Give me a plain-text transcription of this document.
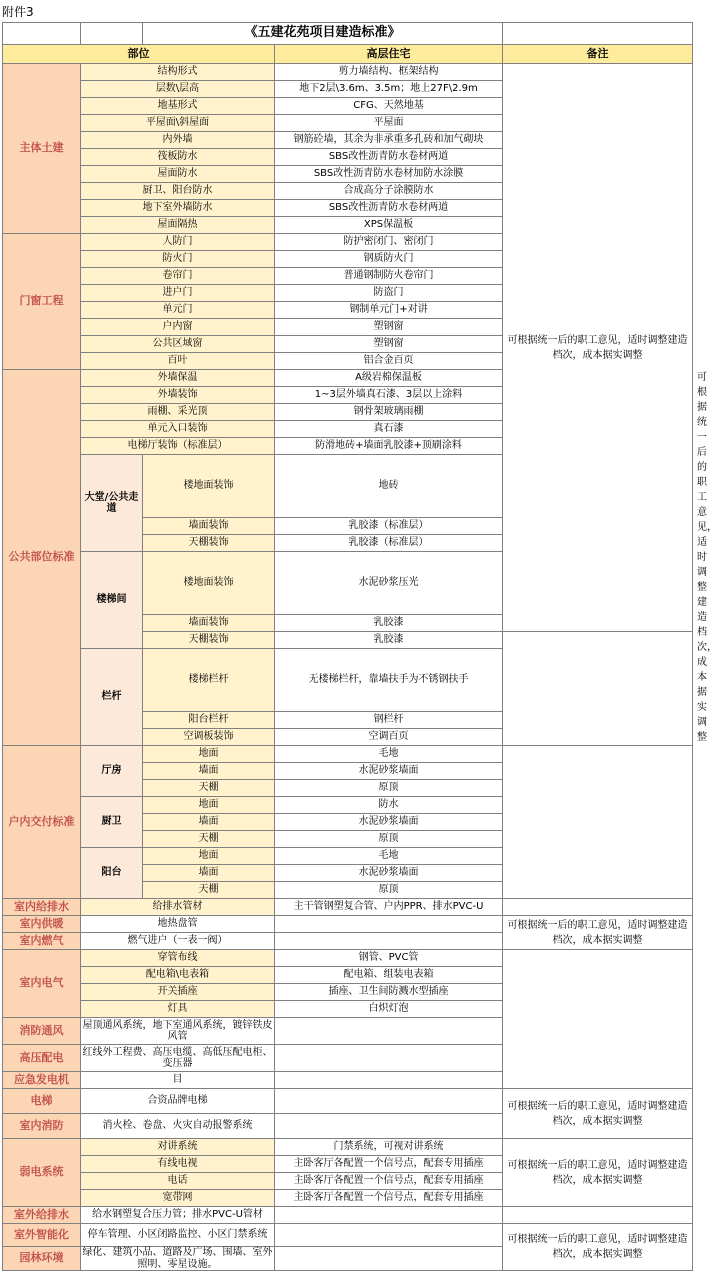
附件3
		《五建花苑项目建造标准》			
部位			高层住宅	备注	
主体土建	结构形式		剪力墙结构、框架结构	可根据统一后的职工意见，适时调整建造档次，成本据实调整	
	层数\层高		地下2层\3.6m、3.5m；地上27F\2.9m		
	地基形式		CFG、天然地基		
	平屋面\斜屋面		平屋面		
	内外墙		钢筋砼墙，其余为非承重多孔砖和加气砌块		
	筏板防水		SBS改性沥青防水卷材两道		
	屋面防水		SBS改性沥青防水卷材加防水涂膜		
	厨卫、阳台防水		合成高分子涂膜防水		
	地下室外墙防水		SBS改性沥青防水卷材两道		
	屋面隔热		XPS保温板		
门窗工程	人防门		防护密闭门、密闭门		
	防火门		钢质防火门		
	卷帘门		普通钢制防火卷帘门		
	进户门		防盗门		
	单元门		钢制单元门+对讲		
	户内窗		塑钢窗		
	公共区域窗		塑钢窗		
	百叶		铝合金百页		
公共部位标准	外墙保温		A级岩棉保温板		可根据统一后的职工意见，适时调整建造档次，成本据实调整
	外墙装饰		1~3层外墙真石漆、3层以上涂料		
	雨棚、采光顶		钢骨架玻璃雨棚		
	单元入口装饰		真石漆		
	电梯厅装饰（标准层）		防滑地砖+墙面乳胶漆+顶刷涂料		
	大堂/公共走道	楼地面装饰	地砖		
		墙面装饰	乳胶漆（标准层）		
		天棚装饰	乳胶漆（标准层）		
	楼梯间	楼地面装饰	水泥砂浆压光		
		墙面装饰	乳胶漆		
		天棚装饰	乳胶漆		
	栏杆	楼梯栏杆	无楼梯栏杆，靠墙扶手为不锈钢扶手		
		阳台栏杆	钢栏杆		
		空调板装饰	空调百页		
户内交付标准	厅房	地面	毛地		
		墙面	水泥砂浆墙面		
		天棚	原顶		
	厨卫	地面	防水		
		墙面	水泥砂浆墙面		
		天棚	原顶		
	阳台	地面	毛地		
		墙面	水泥砂浆墙面		
		天棚	原顶		
室内给排水	给排水管材		主干管钢塑复合管、户内PPR、排水PVC-U		
室内供暖	地热盘管			可根据统一后的职工意见，适时调整建造档次，成本据实调整	
室内燃气	燃气进户（一表一阀）				
室内电气	穿管布线		钢管、PVC管		
	配电箱\电表箱		配电箱、组装电表箱		
	开关插座		插座、卫生间防溅水型插座		
	灯具		白炽灯泡		
消防通风	屋顶通风系统，地下室通风系统，镀锌铁皮风管				
高压配电	红线外工程费、高压电缆、高低压配电柜、变压器				
应急发电机	目				
电梯	合资品牌电梯			可根据统一后的职工意见，适时调整建造档次，成本据实调整	
室内消防	消火栓、卷盘、火灾自动报警系统				
弱电系统	对讲系统		门禁系统，可视对讲系统	可根据统一后的职工意见，适时调整建造档次，成本据实调整	
	有线电视		主卧客厅各配置一个信号点，配套专用插座		
	电话		主卧客厅各配置一个信号点，配套专用插座		
	宽带网		主卧客厅各配置一个信号点，配套专用插座		
室外给排水	给水钢塑复合压力管；排水PVC-U管材				
室外智能化	停车管理、小区闭路监控、小区门禁系统			可根据统一后的职工意见，适时调整建造档次，成本据实调整	
园林环境	绿化、建筑小品、道路及广场、围墙、室外照明、零星设施。				
